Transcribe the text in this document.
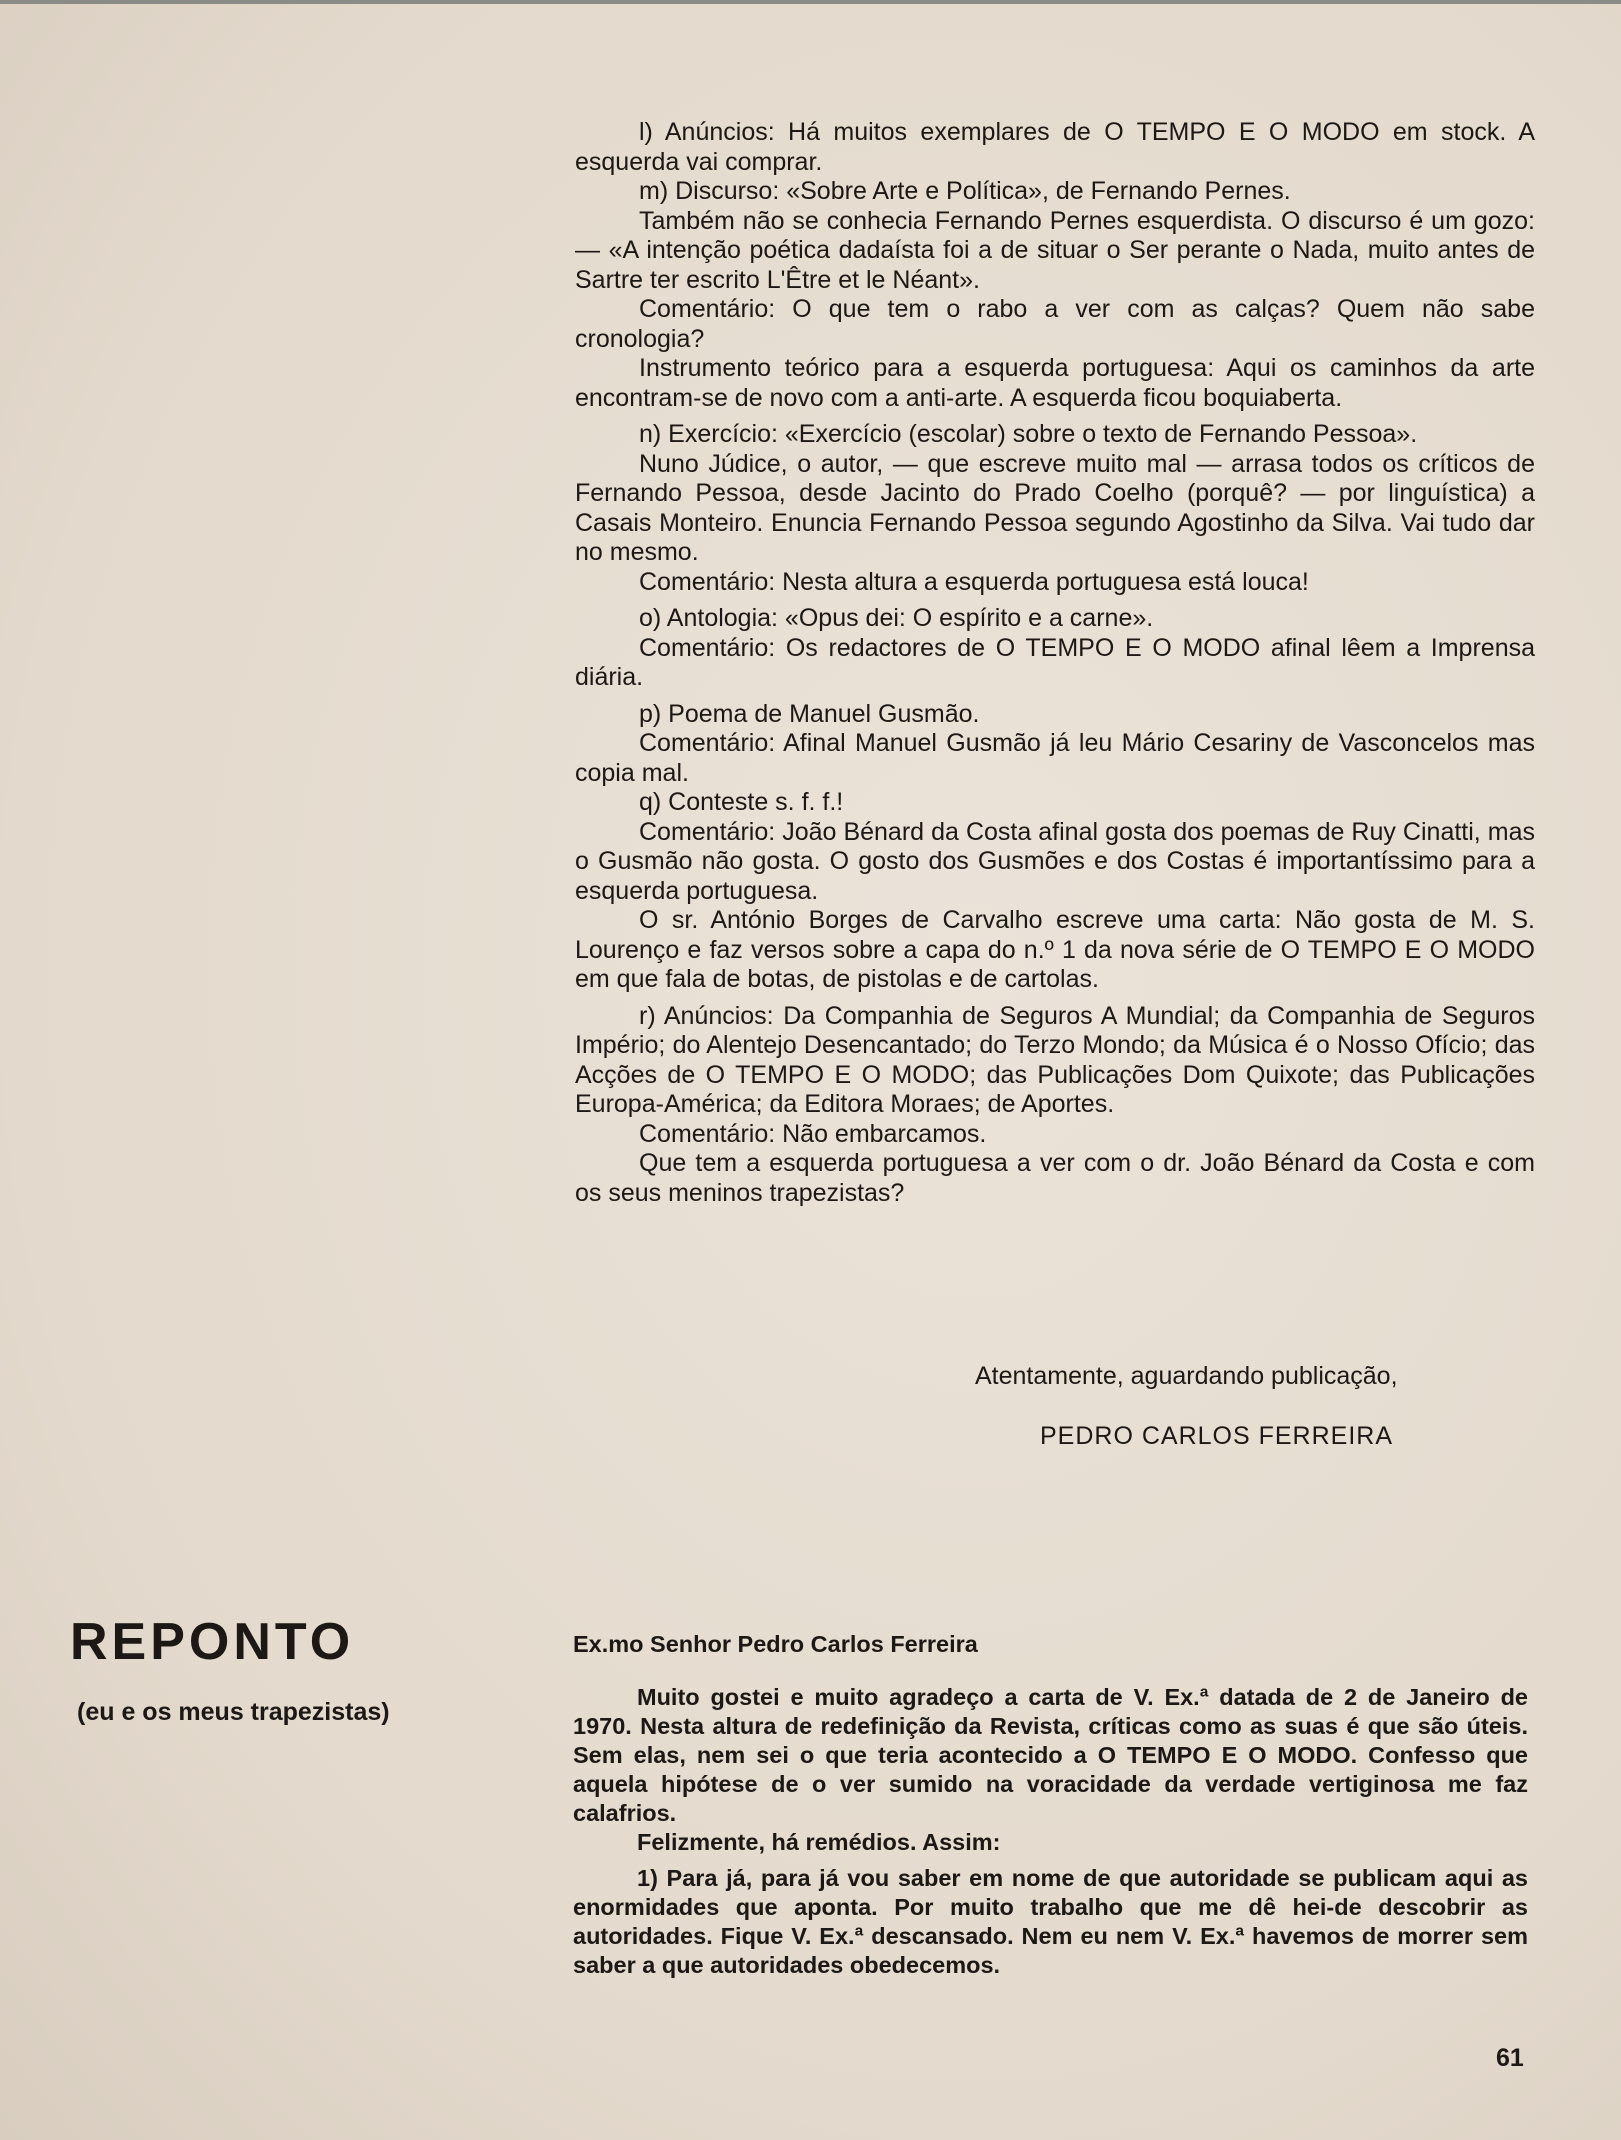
l) Anúncios: Há muitos exemplares de O TEMPO E O MODO em stock. A esquerda vai comprar.

m) Discurso: «Sobre Arte e Política», de Fernando Pernes.

Também não se conhecia Fernando Pernes esquerdista. O discurso é um gozo: — «A intenção poética dadaísta foi a de situar o Ser perante o Nada, muito antes de Sartre ter escrito L'Être et le Néant».

Comentário: O que tem o rabo a ver com as calças? Quem não sabe cronologia?

Instrumento teórico para a esquerda portuguesa: Aqui os caminhos da arte encontram-se de novo com a anti-arte. A esquerda ficou boquiaberta.

n) Exercício: «Exercício (escolar) sobre o texto de Fernando Pessoa».

Nuno Júdice, o autor, — que escreve muito mal — arrasa todos os críticos de Fernando Pessoa, desde Jacinto do Prado Coelho (porquê? — por linguística) a Casais Monteiro. Enuncia Fernando Pessoa segundo Agostinho da Silva. Vai tudo dar no mesmo.

Comentário: Nesta altura a esquerda portuguesa está louca!

o) Antologia: «Opus dei: O espírito e a carne».

Comentário: Os redactores de O TEMPO E O MODO afinal lêem a Imprensa diária.

p) Poema de Manuel Gusmão.

Comentário: Afinal Manuel Gusmão já leu Mário Cesariny de Vasconcelos mas copia mal.

q) Conteste s. f. f.!

Comentário: João Bénard da Costa afinal gosta dos poemas de Ruy Cinatti, mas o Gusmão não gosta. O gosto dos Gusmões e dos Costas é importantíssimo para a esquerda portuguesa.

O sr. António Borges de Carvalho escreve uma carta: Não gosta de M. S. Lourenço e faz versos sobre a capa do n.º 1 da nova série de O TEMPO E O MODO em que fala de botas, de pistolas e de cartolas.

r) Anúncios: Da Companhia de Seguros A Mundial; da Companhia de Seguros Império; do Alentejo Desencantado; do Terzo Mondo; da Música é o Nosso Ofício; das Acções de O TEMPO E O MODO; das Publicações Dom Quixote; das Publicações Europa-América; da Editora Moraes; de Aportes.

Comentário: Não embarcamos.

Que tem a esquerda portuguesa a ver com o dr. João Bénard da Costa e com os seus meninos trapezistas?

Atentamente, aguardando publicação,
PEDRO CARLOS FERREIRA
REPONTO
(eu e os meus trapezistas)

Ex.mo Senhor Pedro Carlos Ferreira

Muito gostei e muito agradeço a carta de V. Ex.ª datada de 2 de Janeiro de 1970. Nesta altura de redefinição da Revista, críticas como as suas é que são úteis. Sem elas, nem sei o que teria acontecido a O TEMPO E O MODO. Confesso que aquela hipótese de o ver sumido na voracidade da verdade vertiginosa me faz calafrios.

Felizmente, há remédios. Assim:

1) Para já, para já vou saber em nome de que autoridade se publicam aqui as enormidades que aponta. Por muito trabalho que me dê hei-de descobrir as autoridades. Fique V. Ex.ª descansado. Nem eu nem V. Ex.ª havemos de morrer sem saber a que autoridades obedecemos.

61
